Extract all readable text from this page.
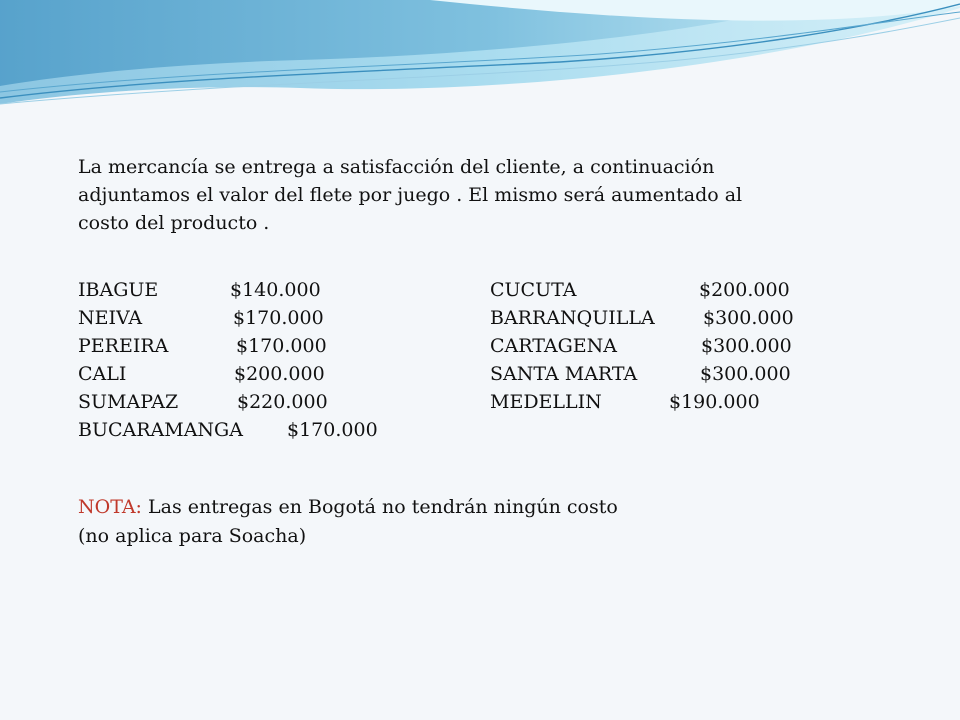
La mercancía se entrega a satisfacción del cliente, a continuación adjuntamos el valor del flete por juego . El mismo será aumentado al costo del producto .

IBAGUE	$140.000
NEIVA	$170.000
PEREIRA	$170.000
CALI	$200.000
SUMAPAZ	$220.000
BUCARAMANGA $170.000
CUCUTA	$200.000
BARRANQUILLA	$300.000
CARTAGENA	$300.000
SANTA MARTA	$300.000
MEDELLIN	$190.000
NOTA: Las entregas en Bogotá no tendrán ningún costo
(no aplica para Soacha)
